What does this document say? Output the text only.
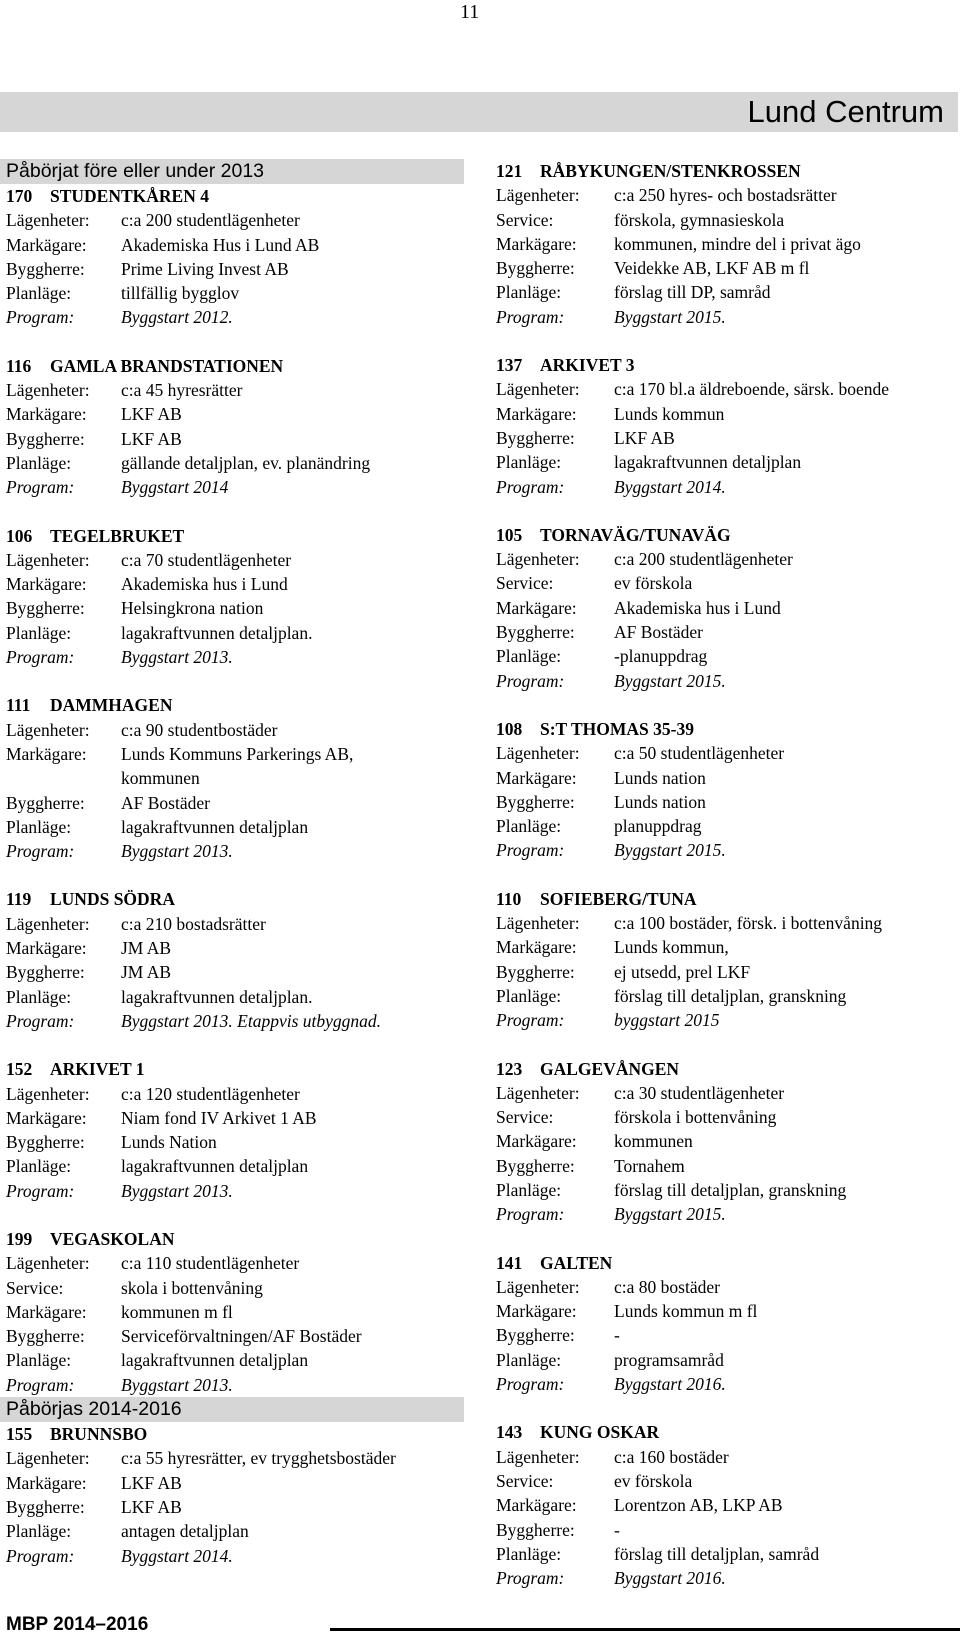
11
Lund Centrum
Påbörjat före eller under 2013
170 STUDENTKÅREN 4
Lägenheter:	c:a 200 studentlägenheter
Markägare:	Akademiska Hus i Lund AB
Byggherre:	Prime Living Invest AB
Planläge:	tillfällig bygglov
Program:	Byggstart 2012.
116 GAMLA BRANDSTATIONEN
Lägenheter:	c:a 45 hyresrätter
Markägare:	LKF AB
Byggherre:	LKF AB
Planläge:	gällande detaljplan, ev. planändring
Program:	Byggstart 2014
106 TEGELBRUKET
Lägenheter:	c:a 70 studentlägenheter
Markägare:	Akademiska hus i Lund
Byggherre:	Helsingkrona nation
Planläge:	lagakraftvunnen detaljplan.
Program:	Byggstart 2013.
111 DAMMHAGEN
Lägenheter:	c:a 90 studentbostäder
Markägare:	Lunds Kommuns Parkerings AB,
kommunen
Byggherre:	AF Bostäder
Planläge:	lagakraftvunnen detaljplan
Program:	Byggstart 2013.
119 LUNDS SÖDRA
Lägenheter:	c:a 210 bostadsrätter
Markägare:	JM AB
Byggherre:	JM AB
Planläge:	lagakraftvunnen detaljplan.
Program:	Byggstart 2013. Etappvis utbyggnad.
152 ARKIVET 1
Lägenheter:	c:a 120 studentlägenheter
Markägare:	Niam fond IV Arkivet 1 AB
Byggherre:	Lunds Nation
Planläge:	lagakraftvunnen detaljplan
Program:	Byggstart 2013.
199 VEGASKOLAN
Lägenheter:	c:a 110 studentlägenheter
Service:	skola i bottenvåning
Markägare:	kommunen m fl
Byggherre:	Serviceförvaltningen/AF Bostäder
Planläge:	lagakraftvunnen detaljplan
Program:	Byggstart 2013.
Påbörjas 2014-2016
155 BRUNNSBO
Lägenheter:	c:a 55 hyresrätter, ev trygghetsbostäder
Markägare:	LKF AB
Byggherre:	LKF AB
Planläge:	antagen detaljplan
Program:	Byggstart 2014.
121 RÅBYKUNGEN/STENKROSSEN
Lägenheter:	c:a 250 hyres- och bostadsrätter
Service:	förskola, gymnasieskola
Markägare:	kommunen, mindre del i privat ägo
Byggherre:	Veidekke AB, LKF AB m fl
Planläge:	förslag till DP, samråd
Program:	Byggstart 2015.
137 ARKIVET 3
Lägenheter:	c:a 170 bl.a äldreboende, särsk. boende
Markägare:	Lunds kommun
Byggherre:	LKF AB
Planläge:	lagakraftvunnen detaljplan
Program:	Byggstart 2014.
105 TORNAVÄG/TUNAVÄG
Lägenheter:	c:a 200 studentlägenheter
Service:	ev förskola
Markägare:	Akademiska hus i Lund
Byggherre:	AF Bostäder
Planläge:	-planuppdrag
Program:	Byggstart 2015.
108 S:T THOMAS 35-39
Lägenheter:	c:a 50 studentlägenheter
Markägare:	Lunds nation
Byggherre:	Lunds nation
Planläge:	planuppdrag
Program:	Byggstart 2015.
110 SOFIEBERG/TUNA
Lägenheter:	c:a 100 bostäder, försk. i bottenvåning
Markägare:	Lunds kommun,
Byggherre:	ej utsedd, prel LKF
Planläge:	förslag till detaljplan, granskning
Program:	byggstart 2015
123 GALGEVÅNGEN
Lägenheter:	c:a 30 studentlägenheter
Service:	förskola i bottenvåning
Markägare:	kommunen
Byggherre:	Tornahem
Planläge:	förslag till detaljplan, granskning
Program:	Byggstart 2015.
141 GALTEN
Lägenheter:	c:a 80 bostäder
Markägare:	Lunds kommun m fl
Byggherre:	-
Planläge:	programsamråd
Program:	Byggstart 2016.
143 KUNG OSKAR
Lägenheter:	c:a 160 bostäder
Service:	ev förskola
Markägare:	Lorentzon AB, LKP AB
Byggherre:	-
Planläge:	förslag till detaljplan, samråd
Program:	Byggstart 2016.
MBP 2014–2016
